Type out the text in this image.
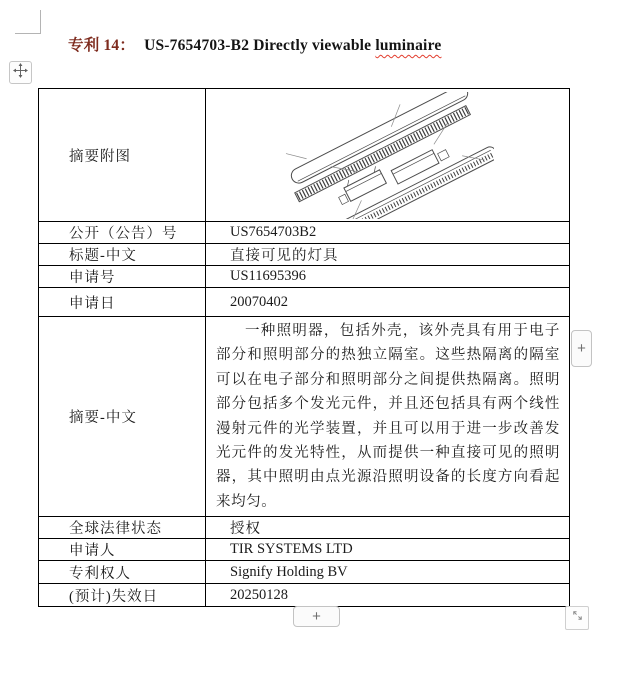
专利 14： US-7654703-B2 Directly viewable luminaire
摘要附图	

公开（公告）号	US7654703B2
标题-中文	直接可见的灯具
申请号	US11695396
申请日	20070402
摘要-中文	一种照明器，包括外壳，该外壳具有用于电子部分和照明部分的热独立隔室。这些热隔离的隔室可以在电子部分和照明部分之间提供热隔离。照明部分包括多个发光元件，并且还包括具有两个线性漫射元件的光学装置，并且可以用于进一步改善发光元件的发光特性，从而提供一种直接可见的照明器，其中照明由点光源沿照明设备的长度方向看起来均匀。

全球法律状态	授权
申请人	TIR SYSTEMS LTD
专利权人	Signify Holding BV
(预计)失效日	20250128
+
+
